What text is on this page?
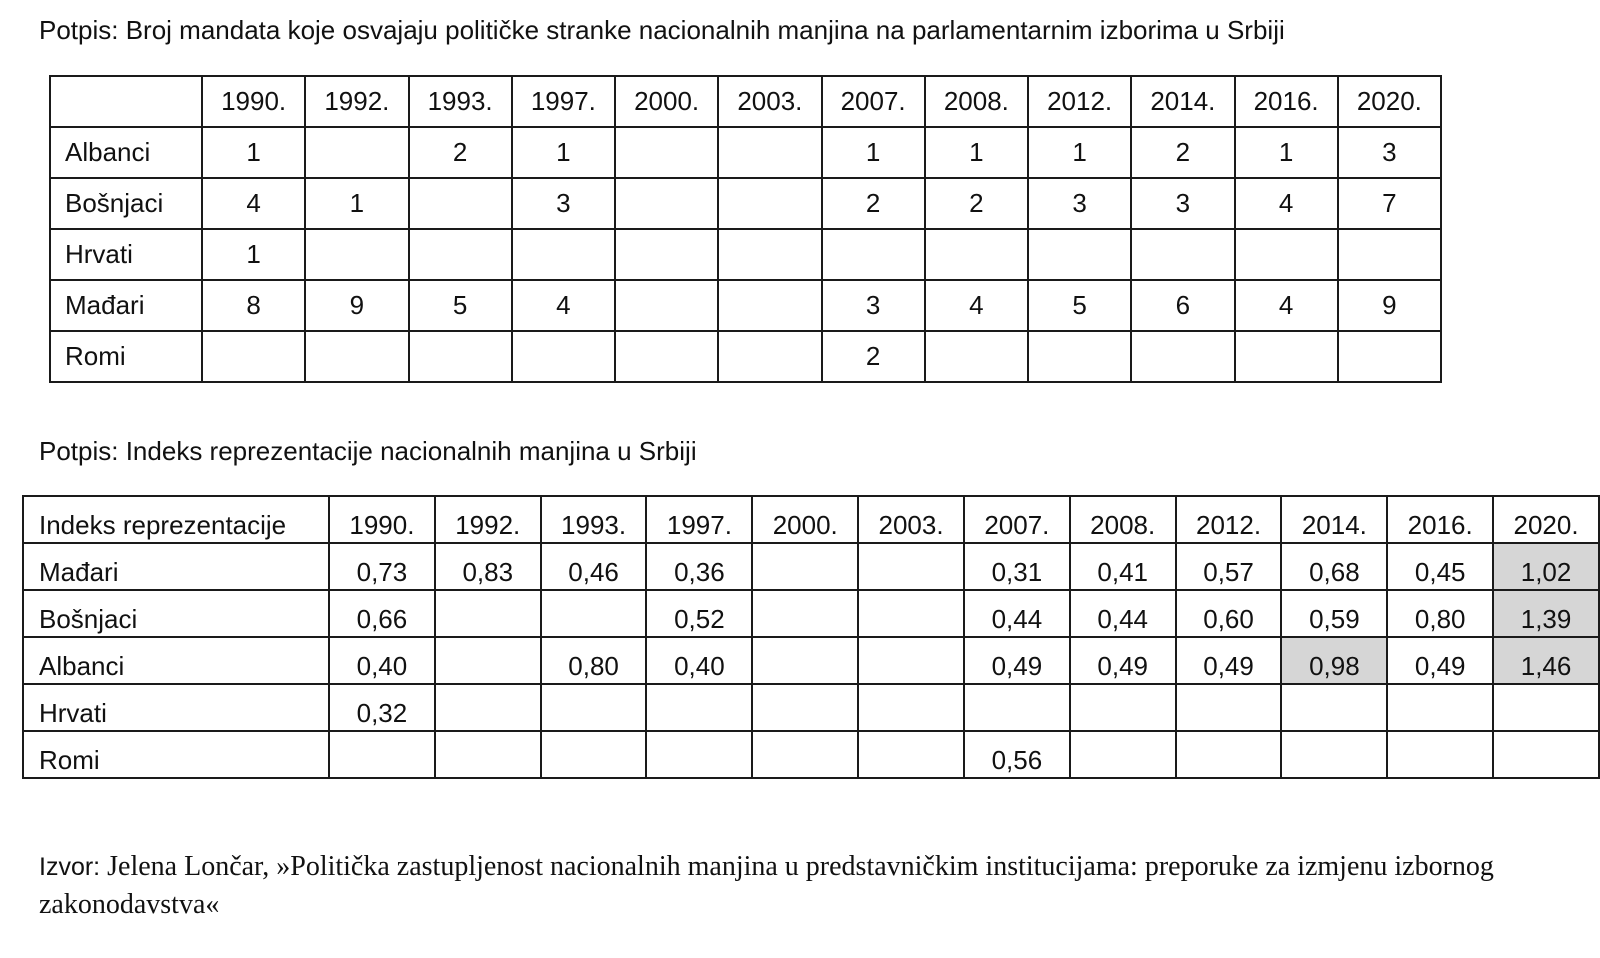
Potpis: Broj mandata koje osvajaju političke stranke nacionalnih manjina na parlamentarnim izborima u Srbiji
	1990.	1992.	1993.	1997.	2000.	2003.	2007.	2008.	2012.	2014.	2016.	2020.
Albanci	1		2	1			1	1	1	2	1	3
Bošnjaci	4	1		3			2	2	3	3	4	7
Hrvati	1											
Mađari	8	9	5	4			3	4	5	6	4	9
Romi							2					
Potpis: Indeks reprezentacije nacionalnih manjina u Srbiji
Indeks reprezentacije	1990.	1992.	1993.	1997.	2000.	2003.	2007.	2008.	2012.	2014.	2016.	2020.
Mađari	0,73	0,83	0,46	0,36			0,31	0,41	0,57	0,68	0,45	1,02
Bošnjaci	0,66			0,52			0,44	0,44	0,60	0,59	0,80	1,39
Albanci	0,40		0,80	0,40			0,49	0,49	0,49	0,98	0,49	1,46
Hrvati	0,32											
Romi							0,56					
Izvor: Jelena Lončar, »Politička zastupljenost nacionalnih manjina u predstavničkim institucijama: preporuke za izmjenu izbornog zakonodavstva«
